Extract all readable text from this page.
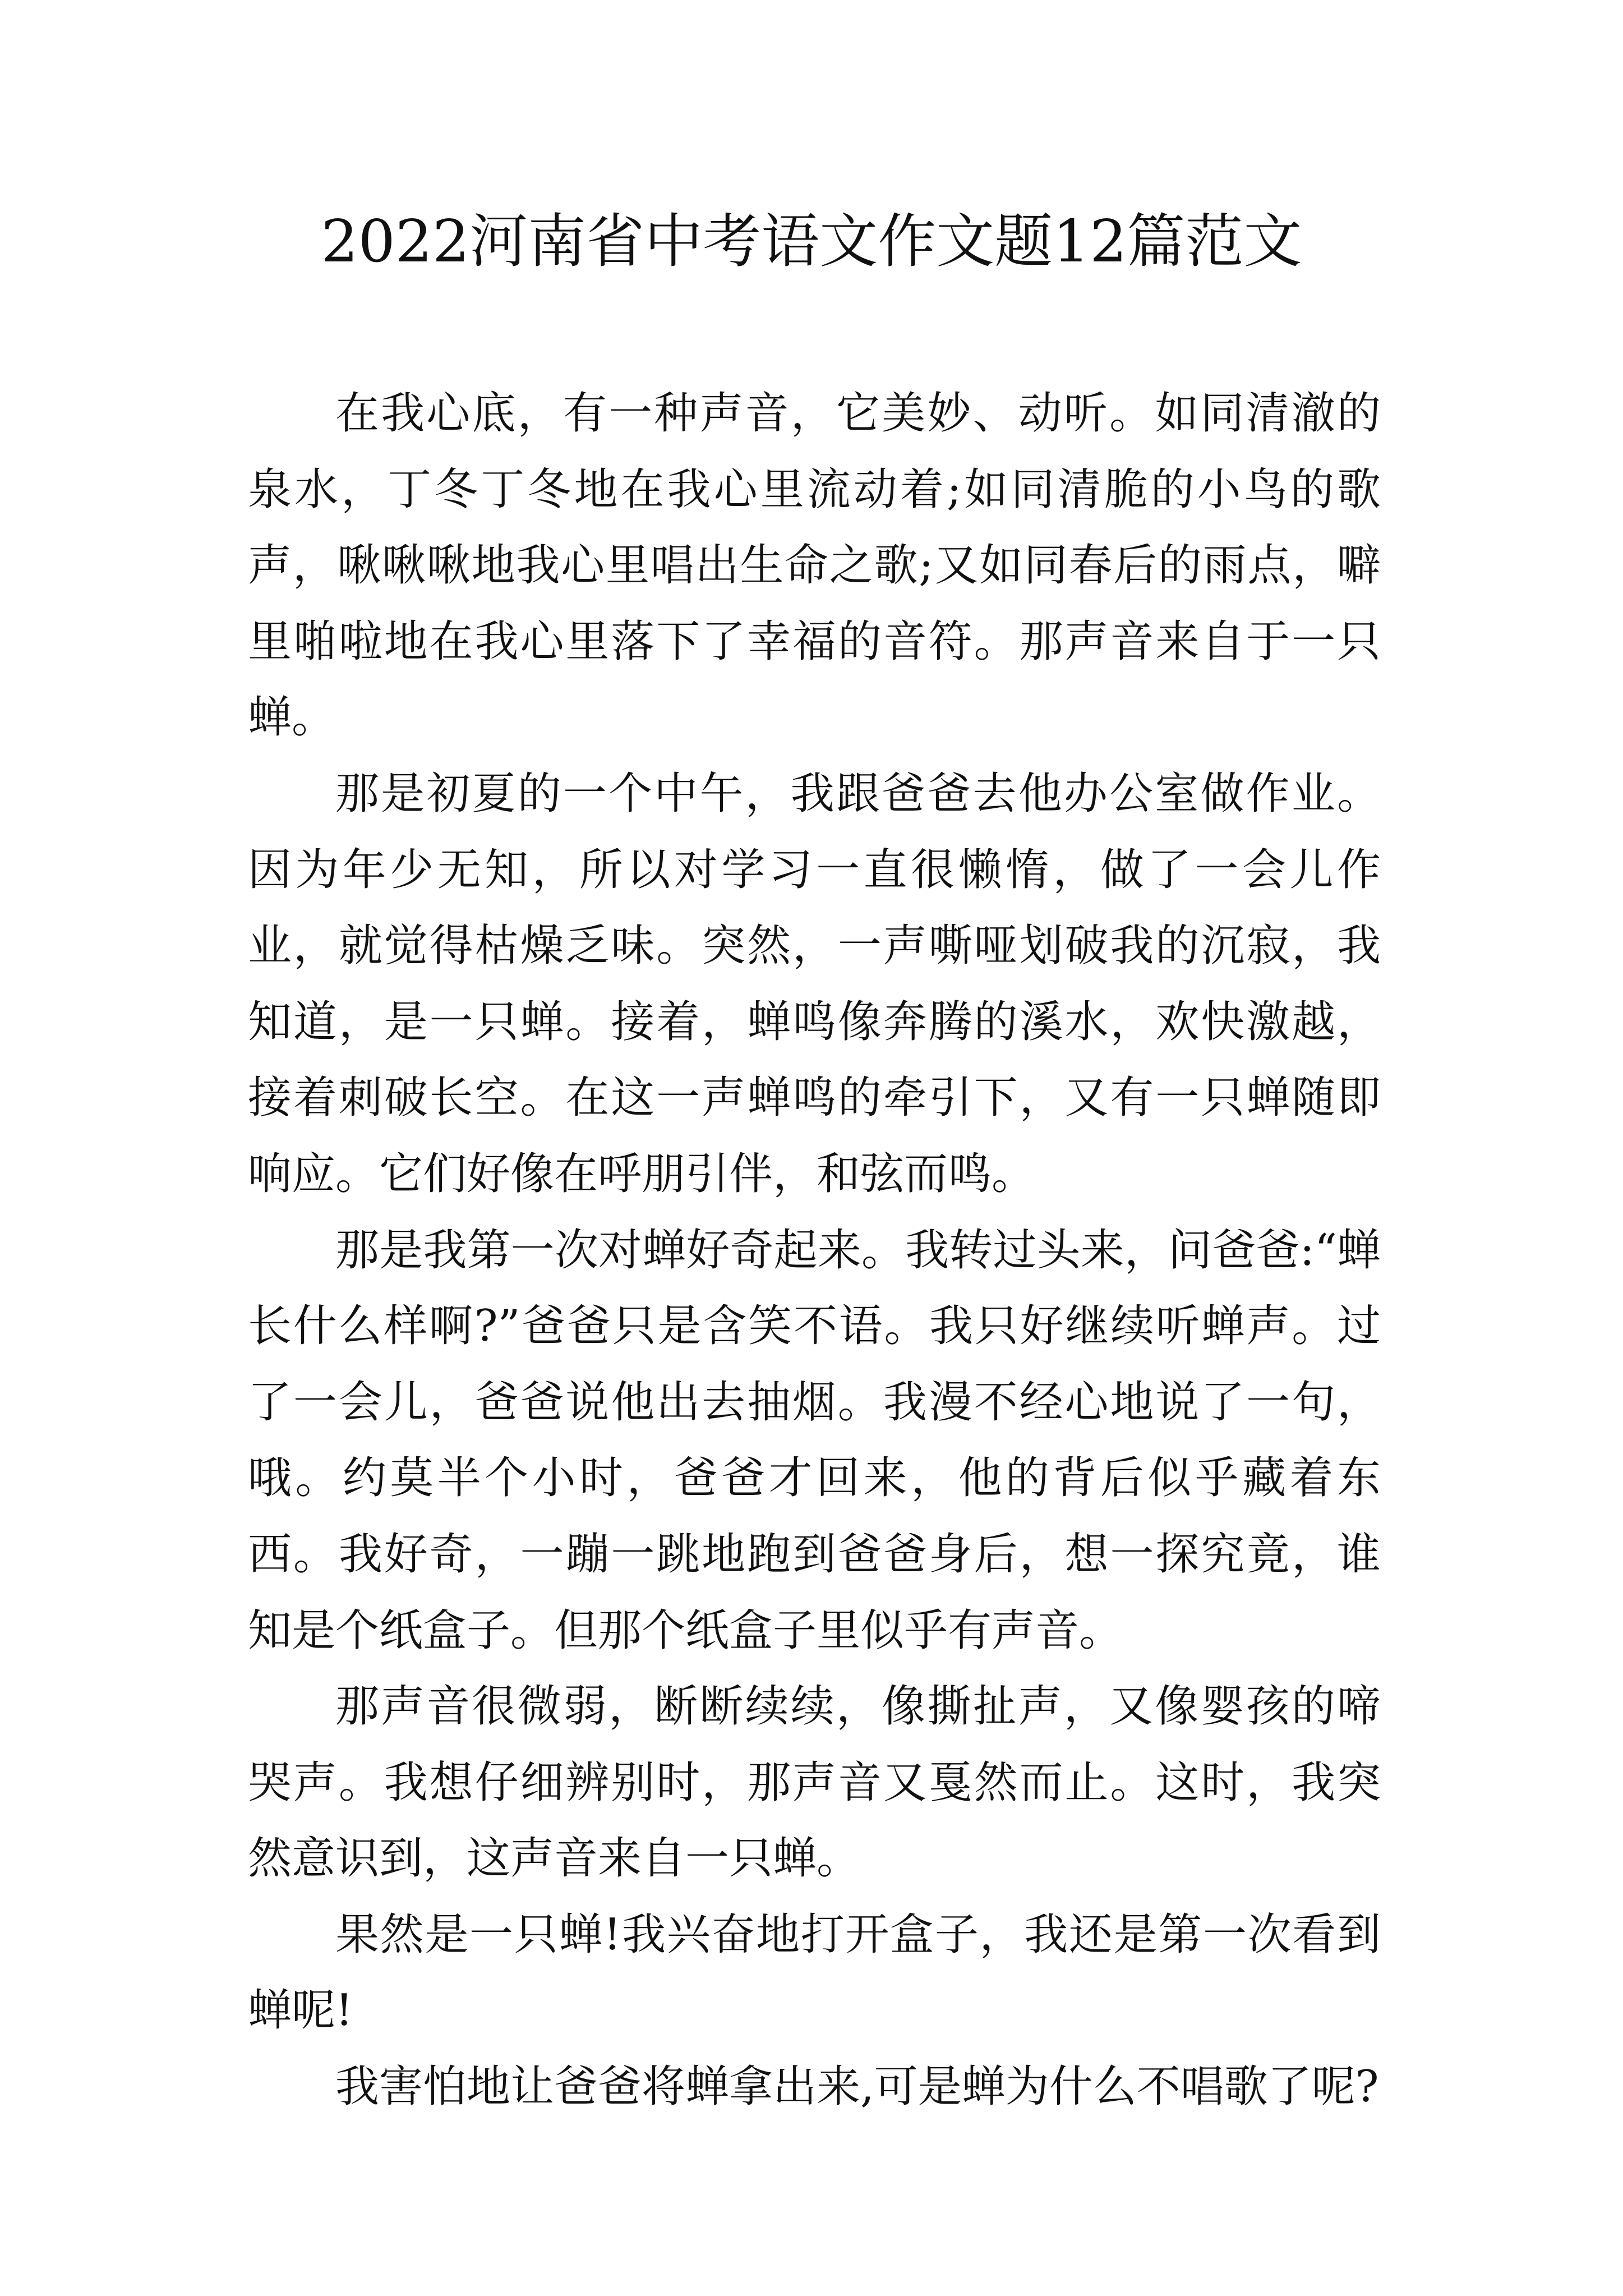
2022河南省中考语文作文题12篇范文

在我心底，有一种声音，它美妙、动听。如同清澈的泉水，丁冬丁冬地在我心里流动着;如同清脆的小鸟的歌声，啾啾啾地我心里唱出生命之歌;又如同春后的雨点，噼里啪啦地在我心里落下了幸福的音符。那声音来自于一只蝉。

那是初夏的一个中午，我跟爸爸去他办公室做作业。因为年少无知，所以对学习一直很懒惰，做了一会儿作业，就觉得枯燥乏味。突然，一声嘶哑划破我的沉寂，我知道，是一只蝉。接着，蝉鸣像奔腾的溪水，欢快激越，接着刺破长空。在这一声蝉鸣的牵引下，又有一只蝉随即响应。它们好像在呼朋引伴，和弦而鸣。

那是我第一次对蝉好奇起来。我转过头来，问爸爸:“蝉长什么样啊?”爸爸只是含笑不语。我只好继续听蝉声。过了一会儿，爸爸说他出去抽烟。我漫不经心地说了一句，哦。约莫半个小时，爸爸才回来，他的背后似乎藏着东西。我好奇，一蹦一跳地跑到爸爸身后，想一探究竟，谁知是个纸盒子。但那个纸盒子里似乎有声音。

那声音很微弱，断断续续，像撕扯声，又像婴孩的啼哭声。我想仔细辨别时，那声音又戛然而止。这时，我突然意识到，这声音来自一只蝉。

果然是一只蝉!我兴奋地打开盒子，我还是第一次看到蝉呢!

我害怕地让爸爸将蝉拿出来,可是蝉为什么不唱歌了呢?
